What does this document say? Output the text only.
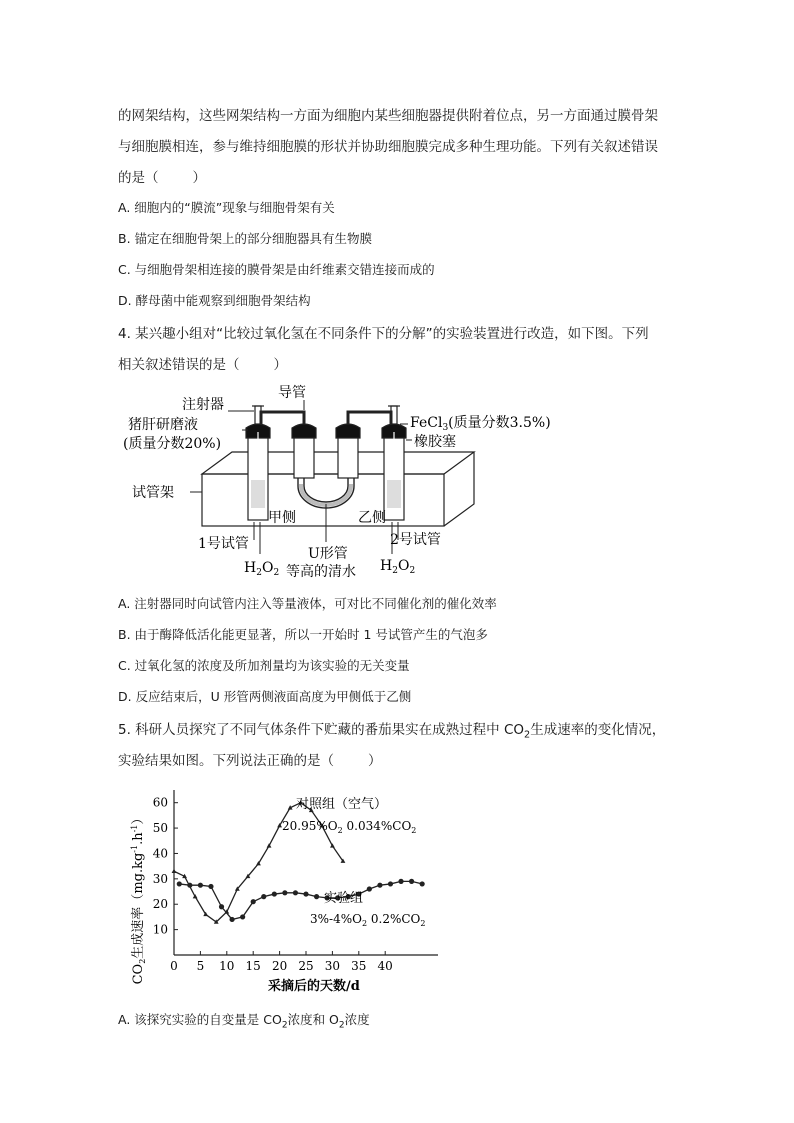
的网架结构，这些网架结构一方面为细胞内某些细胞器提供附着位点，另一方面通过膜骨架
与细胞膜相连，参与维持细胞膜的形状并协助细胞膜完成多种生理功能。下列有关叙述错误
的是（	）
A. 细胞内的“膜流”现象与细胞骨架有关
B. 锚定在细胞骨架上的部分细胞器具有生物膜
C. 与细胞骨架相连接的膜骨架是由纤维素交错连接而成的
D. 酵母菌中能观察到细胞骨架结构
4. 某兴趣小组对“比较过氧化氢在不同条件下的分解”的实验装置进行改造，如下图。下列
相关叙述错误的是（	）
导管
注射器
猪肝研磨液
(质量分数20%)
FeCl$_3$(质量分数3.5%)
橡胶塞
试管架
甲侧	乙侧
1号试管	2号试管
$H_2O_2$
U形管
等高的清水 $H_2O_2$
A. 注射器同时向试管内注入等量液体，可对比不同催化剂的催化效率
B. 由于酶降低活化能更显著，所以一开始时 1 号试管产生的气泡多
C. 过氧化氢的浓度及所加剂量均为该实验的无关变量
D. 反应结束后，U 形管两侧液面高度为甲侧低于乙侧
5. 科研人员探究了不同气体条件下贮藏的番茄果实在成熟过程中 $CO_2$生成速率的变化情况，
实验结果如图。下列说法正确的是（	）
$CO_2$生成速率$(mg.kg^{-1}.h^{-1})$
0 5 10 15 20 25 30 35 40
10
20
30
40
50
60
采摘后的天数/d
对照组（空气）
$20.95\%O_2$ $0.034\%CO_2$
实验组
$3\%-4\%O_2$ $0.2\%CO_2$
A. 该探究实验的自变量是 $CO_2$浓度和 $O_2$浓度
